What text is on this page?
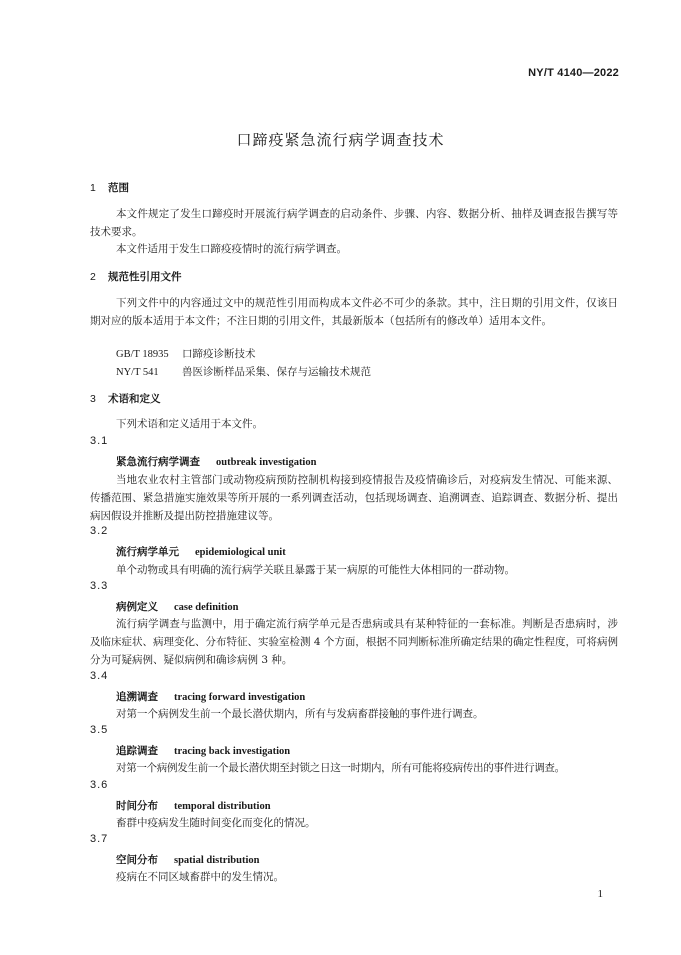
NY/T 4140—2022
口蹄疫紧急流行病学调查技术
1 范围
本文件规定了发生口蹄疫时开展流行病学调查的启动条件、步骤、内容、数据分析、抽样及调查报告撰写等技术要求。
本文件适用于发生口蹄疫疫情时的流行病学调查。
2 规范性引用文件
下列文件中的内容通过文中的规范性引用而构成本文件必不可少的条款。其中，注日期的引用文件，仅该日期对应的版本适用于本文件；不注日期的引用文件，其最新版本（包括所有的修改单）适用本文件。
GB/T 18935 口蹄疫诊断技术
NY/T 541 兽医诊断样品采集、保存与运输技术规范
3 术语和定义
下列术语和定义适用于本文件。
3.1
紧急流行病学调查 outbreak investigation
当地农业农村主管部门或动物疫病预防控制机构接到疫情报告及疫情确诊后，对疫病发生情况、可能来源、传播范围、紧急措施实施效果等所开展的一系列调查活动，包括现场调查、追溯调查、追踪调查、数据分析、提出病因假设并推断及提出防控措施建议等。
3.2
流行病学单元 epidemiological unit
单个动物或具有明确的流行病学关联且暴露于某一病原的可能性大体相同的一群动物。
3.3
病例定义 case definition
流行病学调查与监测中，用于确定流行病学单元是否患病或具有某种特征的一套标准。判断是否患病时，涉及临床症状、病理变化、分布特征、实验室检测 4 个方面，根据不同判断标准所确定结果的确定性程度，可将病例分为可疑病例、疑似病例和确诊病例 3 种。
3.4
追溯调查 tracing forward investigation
对第一个病例发生前一个最长潜伏期内，所有与发病畜群接触的事件进行调查。
3.5
追踪调查 tracing back investigation
对第一个病例发生前一个最长潜伏期至封锁之日这一时期内，所有可能将疫病传出的事件进行调查。
3.6
时间分布 temporal distribution
畜群中疫病发生随时间变化而变化的情况。
3.7
空间分布 spatial distribution
疫病在不同区域畜群中的发生情况。
1
